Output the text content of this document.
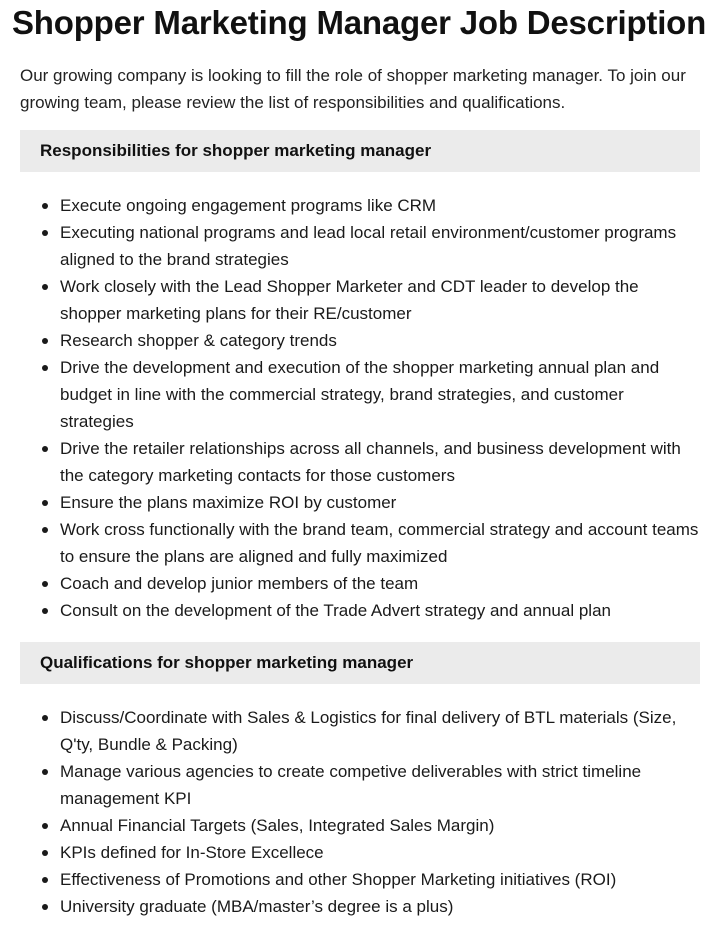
Shopper Marketing Manager Job Description

Our growing company is looking to fill the role of shopper marketing manager. To join our growing team, please review the list of responsibilities and qualifications.

Responsibilities for shopper marketing manager
Execute ongoing engagement programs like CRM
Executing national programs and lead local retail environment/customer programs aligned to the brand strategies
Work closely with the Lead Shopper Marketer and CDT leader to develop the shopper marketing plans for their RE/customer
Research shopper & category trends
Drive the development and execution of the shopper marketing annual plan and budget in line with the commercial strategy, brand strategies, and customer strategies
Drive the retailer relationships across all channels, and business development with the category marketing contacts for those customers
Ensure the plans maximize ROI by customer
Work cross functionally with the brand team, commercial strategy and account teams to ensure the plans are aligned and fully maximized
Coach and develop junior members of the team
Consult on the development of the Trade Advert strategy and annual plan
Qualifications for shopper marketing manager
Discuss/Coordinate with Sales & Logistics for final delivery of BTL materials (Size, Q'ty, Bundle & Packing)
Manage various agencies to create competive deliverables with strict timeline management KPI
Annual Financial Targets (Sales, Integrated Sales Margin)
KPIs defined for In-Store Excellece
Effectiveness of Promotions and other Shopper Marketing initiatives (ROI)
University graduate (MBA/master’s degree is a plus)
